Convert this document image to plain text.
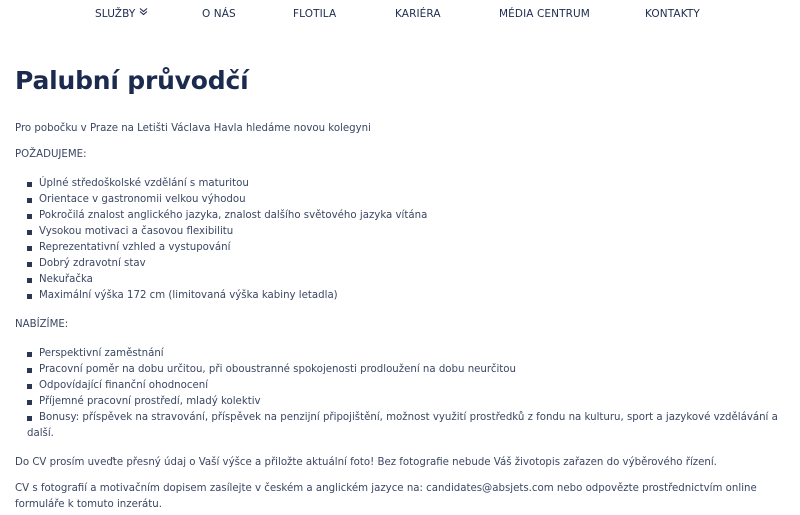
SLUŽBY	O NÁS	FLOTILA	KARIÉRA	MÉDIA CENTRUM	KONTAKTY
Palubní průvodčí

Pro pobočku v Praze na Letišti Václava Havla hledáme novou kolegyni

POŽADUJEME:

Úplné středoškolské vzdělání s maturitou
Orientace v gastronomii velkou výhodou
Pokročilá znalost anglického jazyka, znalost dalšího světového jazyka vítána
Vysokou motivaci a časovou flexibilitu
Reprezentativní vzhled a vystupování
Dobrý zdravotní stav
Nekuřačka
Maximální výška 172 cm (limitovaná výška kabiny letadla)

NABÍZÍME:

Perspektivní zaměstnání
Pracovní poměr na dobu určitou, při oboustranné spokojenosti prodloužení na dobu neurčitou
Odpovídající finanční ohodnocení
Příjemné pracovní prostředí, mladý kolektiv
Bonusy: příspěvek na stravování, příspěvek na penzijní připojištění, možnost využití prostředků z fondu na kulturu, sport a jazykové vzdělávání a další.

Do CV prosím uveďte přesný údaj o Vaší výšce a přiložte aktuální foto! Bez fotografie nebude Váš životopis zařazen do výběrového řízení.

CV s fotografií a motivačním dopisem zasílejte v českém a anglickém jazyce na: candidates@absjets.com nebo odpovězte prostřednictvím online formuláře k tomuto inzerátu.
